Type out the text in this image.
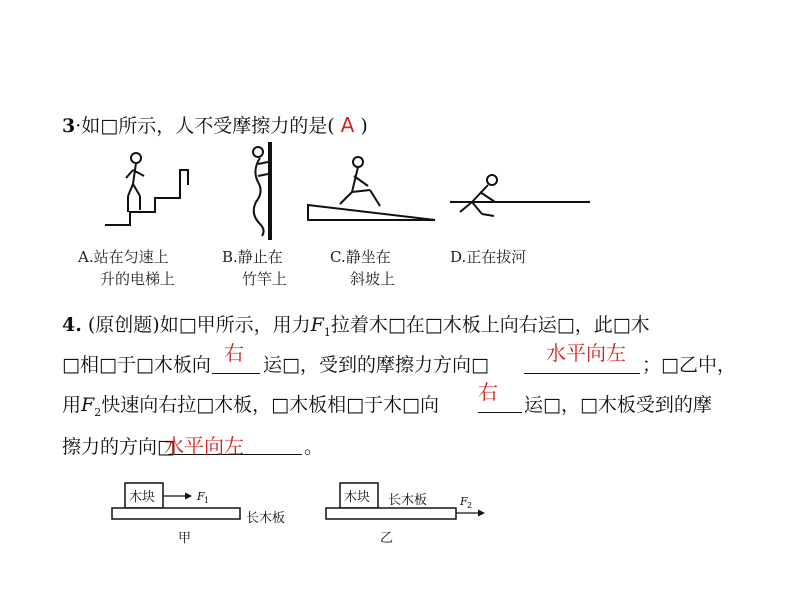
3·如□所示，人不受摩擦力的是( A )
A.站在匀速上
升的电梯上
B.静止在
竹竿上
C.静坐在
斜坡上
D.正在拔河
4. (原创题)如□甲所示，用力$F_1$拉着木□在□木板上向右运□，此□木
□相□于□木板向 右 运□，受到的摩擦力方向□	水平向左 ；□乙中，
用$F_2$快速向右拉□木板，□木板相□于木□向
右
运□，□木板受到的摩
擦力的方向□
水平向左	。
木块	F 1
长木板
甲
木块 长木板	F 2
乙
